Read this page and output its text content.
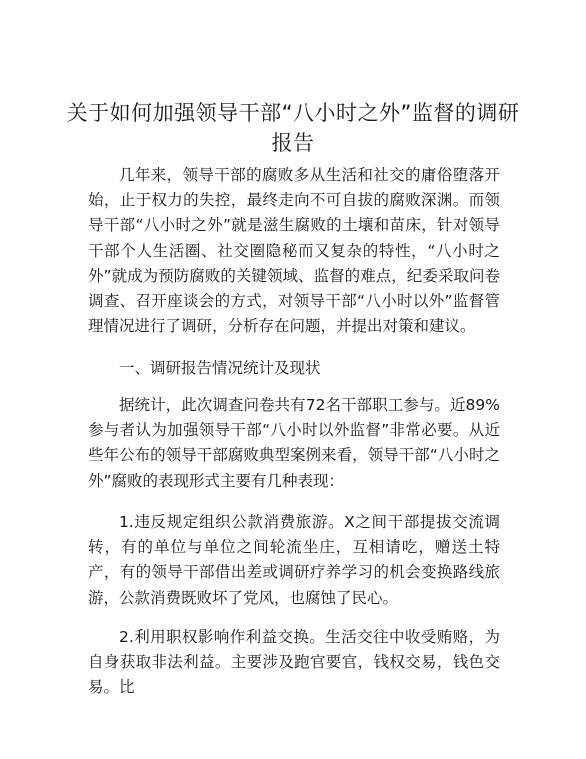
关于如何加强领导干部“八小时之外”监督的调研报告

几年来，领导干部的腐败多从生活和社交的庸俗堕落开始，止于权力的失控，最终走向不可自拔的腐败深渊。而领导干部“八小时之外”就是滋生腐败的土壤和苗床，针对领导干部个人生活圈、社交圈隐秘而又复杂的特性，“八小时之外”就成为预防腐败的关键领域、监督的难点，纪委采取问卷调查、召开座谈会的方式，对领导干部“八小时以外”监督管理情况进行了调研，分析存在问题，并提出对策和建议。

一、调研报告情况统计及现状

据统计，此次调查问卷共有72名干部职工参与。近89%参与者认为加强领导干部“八小时以外监督”非常必要。从近些年公布的领导干部腐败典型案例来看，领导干部“八小时之外”腐败的表现形式主要有几种表现：

1.违反规定组织公款消费旅游。X之间干部提拔交流调转，有的单位与单位之间轮流坐庄，互相请吃，赠送土特产，有的领导干部借出差或调研疗养学习的机会变换路线旅游，公款消费既败坏了党风，也腐蚀了民心。

2.利用职权影响作利益交换。生活交往中收受贿赂，为自身获取非法利益。主要涉及跑官要官，钱权交易，钱色交易。比
